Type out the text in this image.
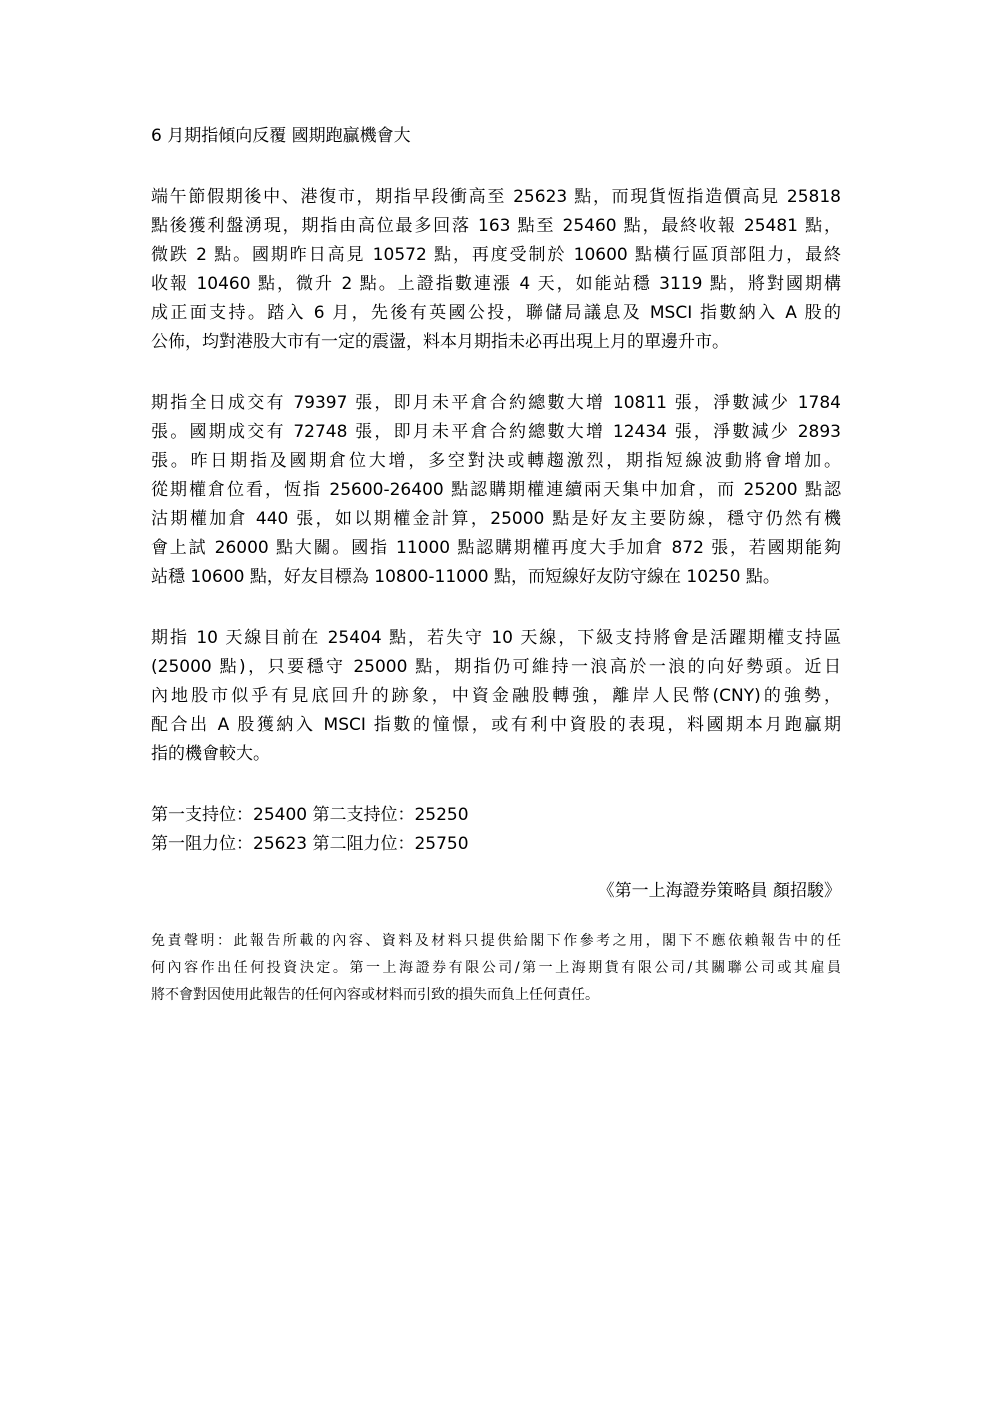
6 月期指傾向反覆 國期跑贏機會大
端午節假期後中、港復市，期指早段衝高至 25623 點，而現貨恆指造價高見 25818
點後獲利盤湧現，期指由高位最多回落 163 點至 25460 點，最終收報 25481 點，
微跌 2 點。國期昨日高見 10572 點，再度受制於 10600 點橫行區頂部阻力，最終
收報 10460 點，微升 2 點。上證指數連漲 4 天，如能站穩 3119 點，將對國期構
成正面支持。踏入 6 月，先後有英國公投，聯儲局議息及 MSCI 指數納入 A 股的
公佈，均對港股大市有一定的震盪，料本月期指未必再出現上月的單邊升市。
期指全日成交有 79397 張，即月未平倉合約總數大增 10811 張，淨數減少 1784
張。國期成交有 72748 張，即月未平倉合約總數大增 12434 張，淨數減少 2893
張。昨日期指及國期倉位大增，多空對決或轉趨激烈，期指短線波動將會增加。
從期權倉位看，恆指 25600-26400 點認購期權連續兩天集中加倉，而 25200 點認
沽期權加倉 440 張，如以期權金計算，25000 點是好友主要防線，穩守仍然有機
會上試 26000 點大關。國指 11000 點認購期權再度大手加倉 872 張，若國期能夠
站穩 10600 點，好友目標為 10800-11000 點，而短線好友防守線在 10250 點。
期指 10 天線目前在 25404 點，若失守 10 天線，下級支持將會是活躍期權支持區
(25000 點)，只要穩守 25000 點，期指仍可維持一浪高於一浪的向好勢頭。近日
內地股市似乎有見底回升的跡象，中資金融股轉強，離岸人民幣(CNY)的強勢，
配合出 A 股獲納入 MSCI 指數的憧憬，或有利中資股的表現，料國期本月跑贏期
指的機會較大。
第一支持位：25400 第二支持位：25250
第一阻力位：25623 第二阻力位：25750
《第一上海證券策略員 顏招駿》
免責聲明：此報告所載的內容、資料及材料只提供給閣下作參考之用，閣下不應依賴報告中的任
何內容作出任何投資決定。第一上海證券有限公司/第一上海期貨有限公司/其關聯公司或其雇員
將不會對因使用此報告的任何內容或材料而引致的損失而負上任何責任。
